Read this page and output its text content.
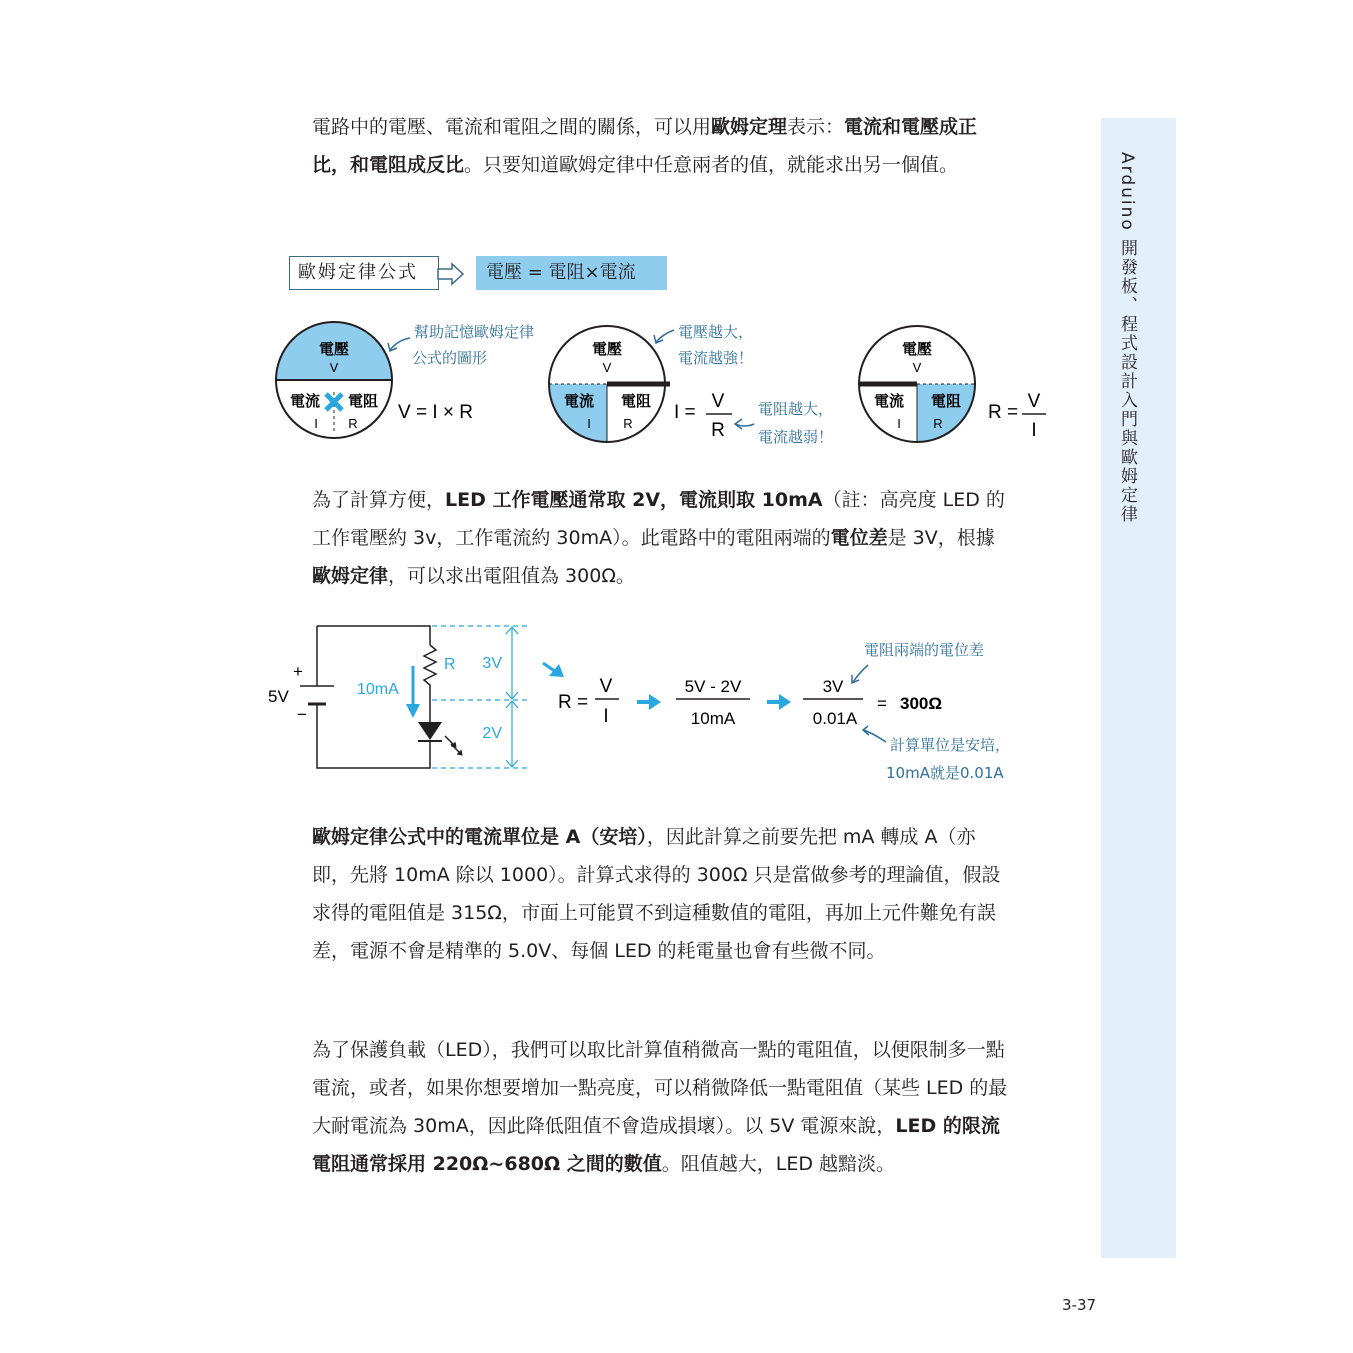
電路中的電壓、電流和電阻之間的關係，可以用歐姆定理表示：電流和電壓成正比，和電阻成反比。只要知道歐姆定律中任意兩者的值，就能求出另一個值。

歐姆定律公式	電壓 = 電阻×電流
電壓
V
電流 電阻
I R
V = I × R
幫助記憶歐姆定律
公式的圖形	電壓
V
電流 電阻
I R
I =
V
R
電壓越大，
電流越強！
電阻越大，
電流越弱！
電壓
V
電流 電阻
I R
R =
V
I

為了計算方便，LED 工作電壓通常取 2V，電流則取 10mA（註：高亮度 LED 的工作電壓約 3v，工作電流約 30mA）。此電路中的電阻兩端的電位差是 3V，根據歐姆定律，可以求出電阻值為 300Ω。

+
−
5V
R
10mA
3V
2V
R =
V
I
5V - 2V
10mA
3V
0.01A
= 300Ω
電阻兩端的電位差
計算單位是安培，
10mA就是0.01A

歐姆定律公式中的電流單位是 A（安培），因此計算之前要先把 mA 轉成 A（亦即，先將 10mA 除以 1000）。計算式求得的 300Ω 只是當做參考的理論值，假設求得的電阻值是 315Ω，市面上可能買不到這種數值的電阻，再加上元件難免有誤差，電源不會是精準的 5.0V、每個 LED 的耗電量也會有些微不同。

為了保護負載（LED），我們可以取比計算值稍微高一點的電阻值，以便限制多一點電流，或者，如果你想要增加一點亮度，可以稍微降低一點電阻值（某些 LED 的最大耐電流為 30mA，因此降低阻值不會造成損壞）。以 5V 電源來說，LED 的限流電阻通常採用 220Ω~680Ω 之間的數值。阻值越大，LED 越黯淡。

Arduino 開發板、程式設計入門與歐姆定律
3-37
